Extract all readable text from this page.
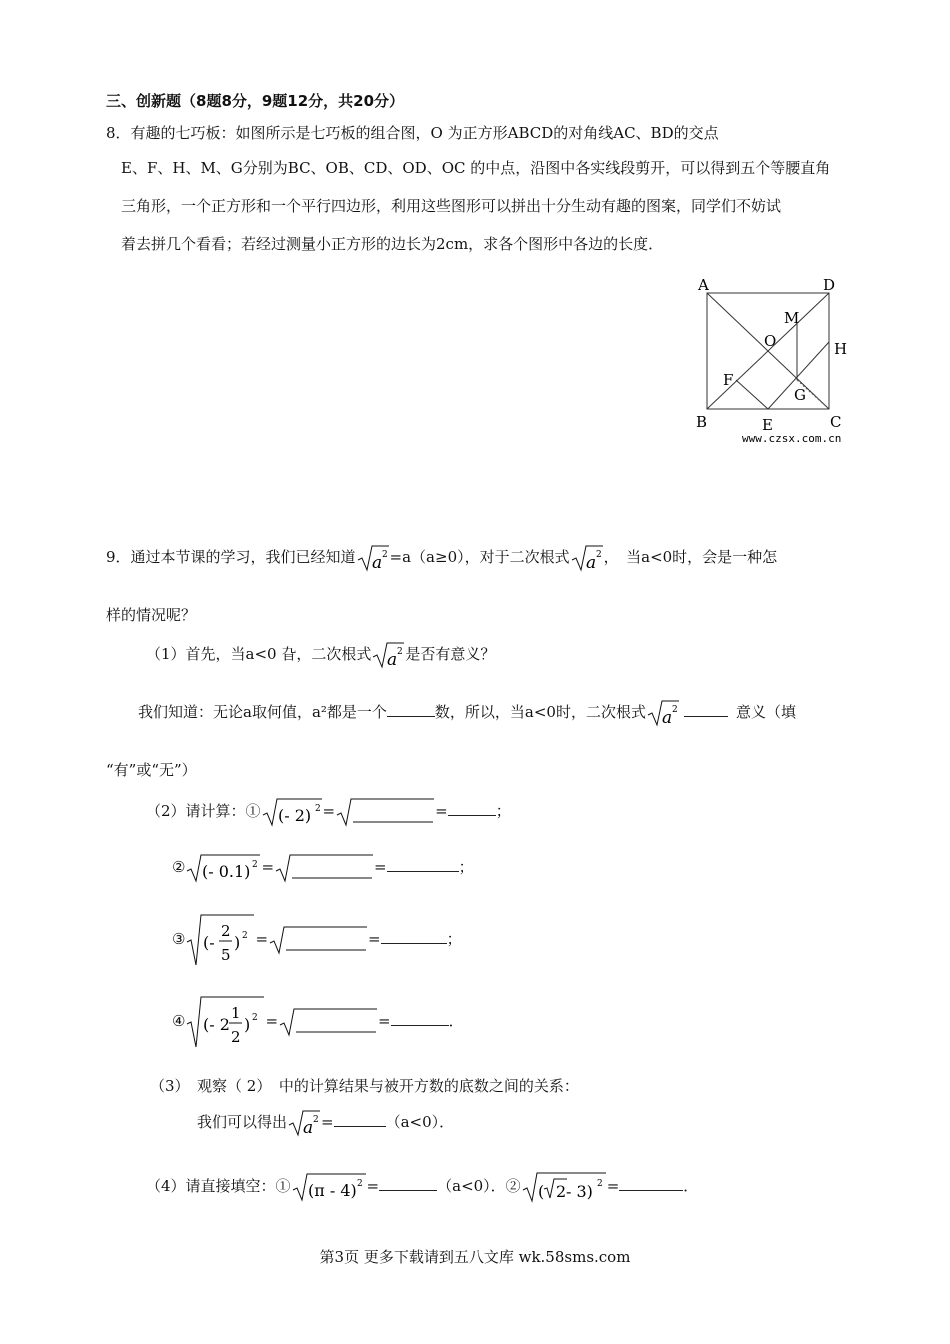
三、创新题（8题8分，9题12分，共20分）
8．有趣的七巧板：如图所示是七巧板的组合图，O 为正方形ABCD的对角线AC、BD的交点
E、F、H、M、G分别为BC、OB、CD、OD、OC 的中点，沿图中各实线段剪开，可以得到五个等腰直角
三角形，一个正方形和一个平行四边形，利用这些图形可以拼出十分生动有趣的图案，同学们不妨试
着去拼几个看看；若经过测量小正方形的边长为2cm，求各个图形中各边的长度．
A	D
B	C
O
M
H
F
E
G
www.czsx.com.cn
9．通过本节课的学习，我们已经知道 a 2 =a（a≥0），对于二次根式 a 2 ，　当a<0时，会是一种怎
样的情况呢？
（1）首先，当a<0 旮，二次根式 a 2 是否有意义？
我们知道：无论a取何值，a²都是一个	数，所以，当a<0时，二次根式 a 2	意义（填
“有”或“无”）
（2）请计算：① (- 2) 2 =	=	；
② (- 0.1) 2 =	=	；
③ (-
2
5
) 2 =	=	；
④ (- 2
1
2
) 2 =	=	．
（3）　观察（ 2）　中的计算结果与被开方数的底数之间的关系：
我们可以得出 a 2 =	（a<0）．
（4）请直接填空：① (π - 4) 2 =	（a<0）．② ( 2 - 3) 2 =	．
第3页 更多下载请到五八文库 wk.58sms.com
